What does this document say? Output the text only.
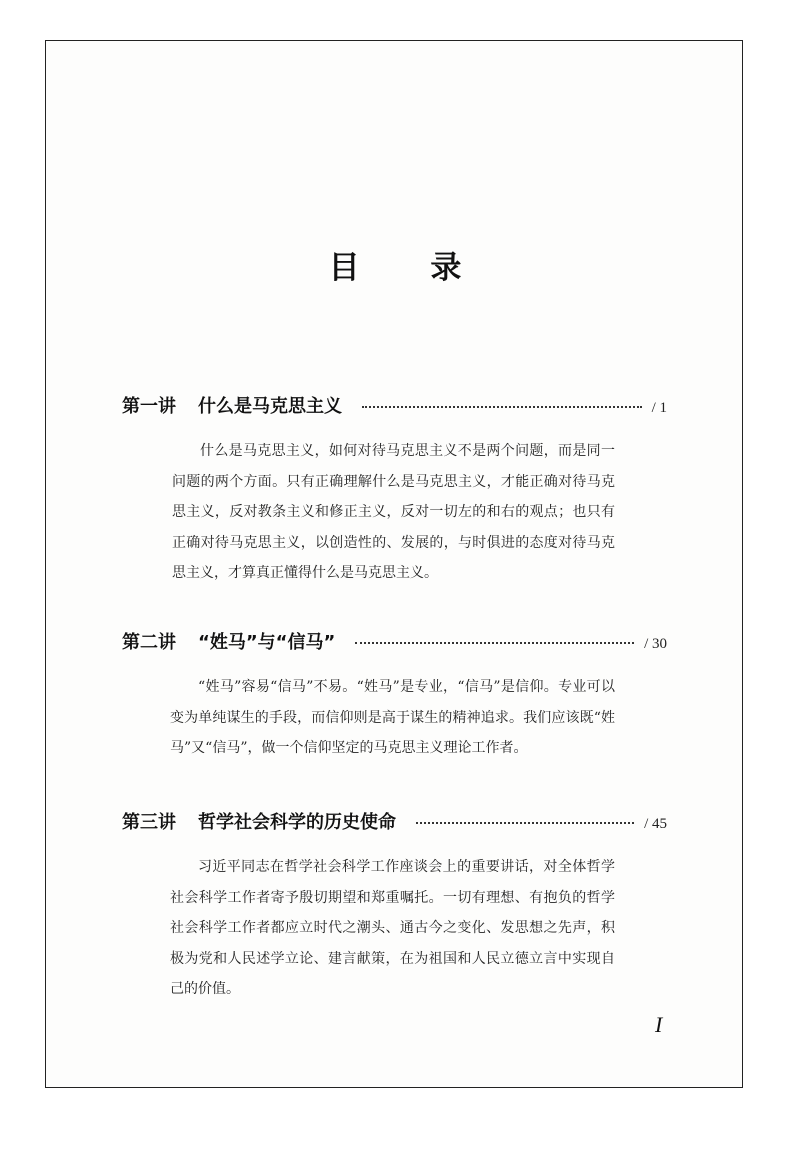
目 录
第一讲 什么是马克思主义	/ 1
什么是马克思主义，如何对待马克思主义不是两个问题，而是同一问题的两个方面。只有正确理解什么是马克思主义，才能正确对待马克思主义，反对教条主义和修正主义，反对一切左的和右的观点；也只有正确对待马克思主义，以创造性的、发展的，与时俱进的态度对待马克思主义，才算真正懂得什么是马克思主义。
第二讲 “姓马”与“信马”	/ 30
“姓马”容易“信马”不易。“姓马”是专业，“信马”是信仰。专业可以变为单纯谋生的手段，而信仰则是高于谋生的精神追求。我们应该既“姓马”又“信马”，做一个信仰坚定的马克思主义理论工作者。
第三讲 哲学社会科学的历史使命	/ 45
习近平同志在哲学社会科学工作座谈会上的重要讲话，对全体哲学社会科学工作者寄予殷切期望和郑重嘱托。一切有理想、有抱负的哲学社会科学工作者都应立时代之潮头、通古今之变化、发思想之先声，积极为党和人民述学立论、建言献策，在为祖国和人民立德立言中实现自己的价值。
I
